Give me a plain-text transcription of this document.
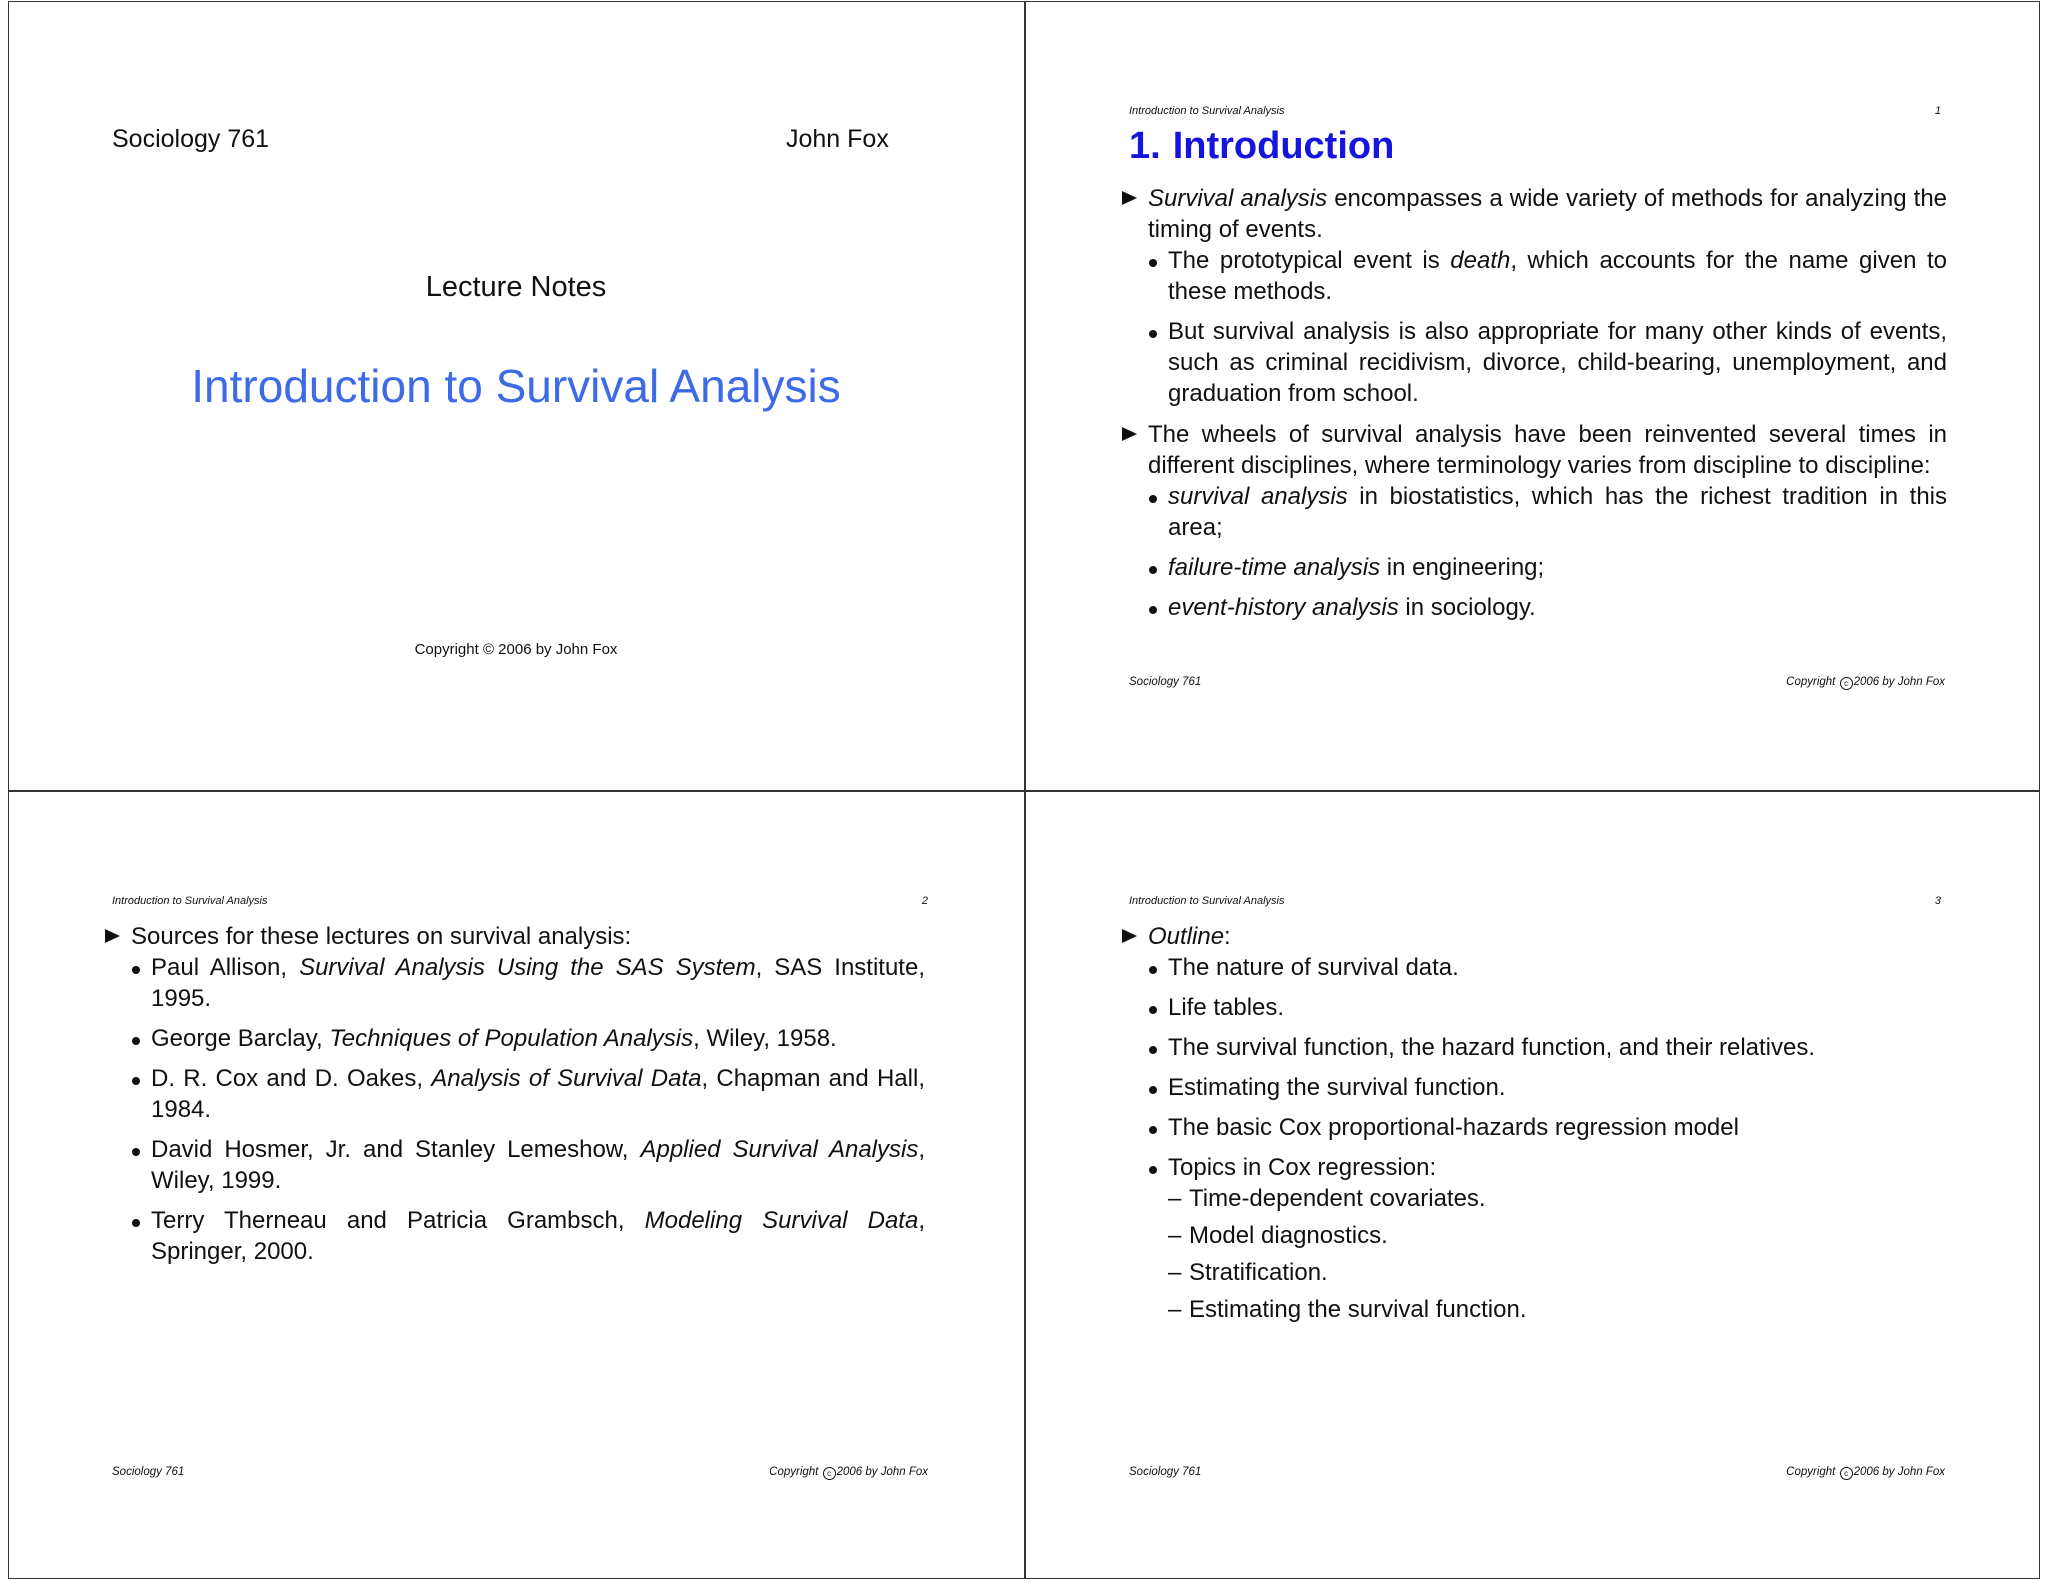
Sociology 761	John Fox
Lecture Notes
Introduction to Survival Analysis
Copyright © 2006 by John Fox
Introduction to Survival Analysis	1
1. Introduction
Survival analysis encompasses a wide variety of methods for analyzing the timing of events.
The prototypical event is death, which accounts for the name given to these methods.
But survival analysis is also appropriate for many other kinds of events, such as criminal recidivism, divorce, child-bearing, unemployment, and graduation from school.
The wheels of survival analysis have been reinvented several times in different disciplines, where terminology varies from discipline to discipline:
survival analysis in biostatistics, which has the richest tradition in this area;
failure-time analysis in engineering;
event-history analysis in sociology.
Sociology 761	Copyright c 2006 by John Fox
Introduction to Survival Analysis	2
Sources for these lectures on survival analysis:
Paul Allison, Survival Analysis Using the SAS System, SAS Institute, 1995.
George Barclay, Techniques of Population Analysis, Wiley, 1958.
D. R. Cox and D. Oakes, Analysis of Survival Data, Chapman and Hall, 1984.
David Hosmer, Jr. and Stanley Lemeshow, Applied Survival Analysis, Wiley, 1999.
Terry Therneau and Patricia Grambsch, Modeling Survival Data, Springer, 2000.
Sociology 761	Copyright c 2006 by John Fox
Introduction to Survival Analysis	3
Outline:
The nature of survival data.
Life tables.
The survival function, the hazard function, and their relatives.
Estimating the survival function.
The basic Cox proportional-hazards regression model
Topics in Cox regression:
– Time-dependent covariates.
– Model diagnostics.
– Stratification.
– Estimating the survival function.
Sociology 761	Copyright c 2006 by John Fox
